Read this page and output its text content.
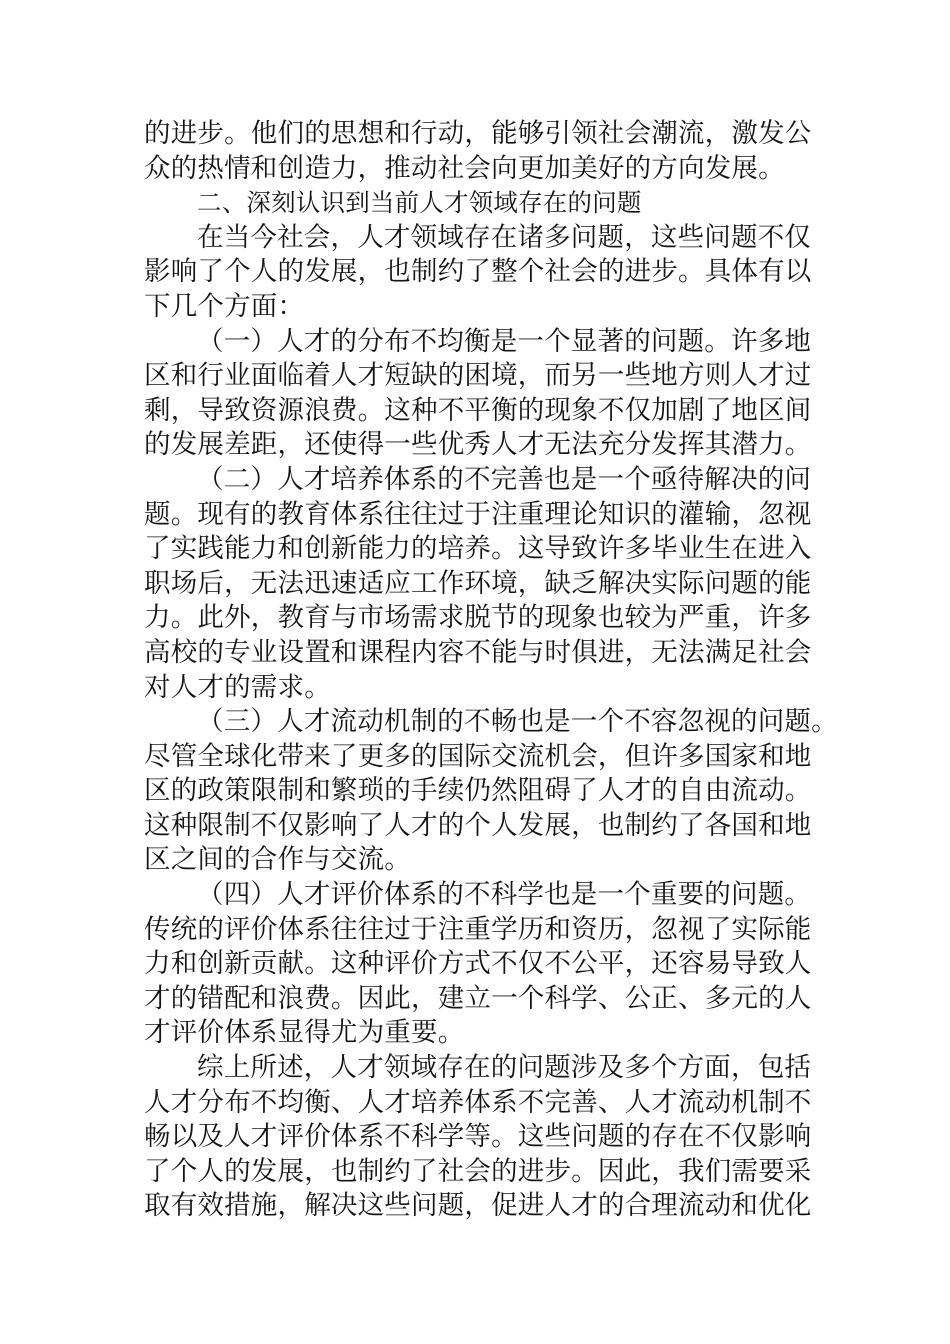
的进步。他们的思想和行动，能够引领社会潮流，激发公
众的热情和创造力，推动社会向更加美好的方向发展。
二、深刻认识到当前人才领域存在的问题
在当今社会，人才领域存在诸多问题，这些问题不仅
影响了个人的发展，也制约了整个社会的进步。具体有以
下几个方面：
（一）人才的分布不均衡是一个显著的问题。许多地
区和行业面临着人才短缺的困境，而另一些地方则人才过
剩，导致资源浪费。这种不平衡的现象不仅加剧了地区间
的发展差距，还使得一些优秀人才无法充分发挥其潜力。
（二）人才培养体系的不完善也是一个亟待解决的问
题。现有的教育体系往往过于注重理论知识的灌输，忽视
了实践能力和创新能力的培养。这导致许多毕业生在进入
职场后，无法迅速适应工作环境，缺乏解决实际问题的能
力。此外，教育与市场需求脱节的现象也较为严重，许多
高校的专业设置和课程内容不能与时俱进，无法满足社会
对人才的需求。
（三）人才流动机制的不畅也是一个不容忽视的问题。
尽管全球化带来了更多的国际交流机会，但许多国家和地
区的政策限制和繁琐的手续仍然阻碍了人才的自由流动。
这种限制不仅影响了人才的个人发展，也制约了各国和地
区之间的合作与交流。
（四）人才评价体系的不科学也是一个重要的问题。
传统的评价体系往往过于注重学历和资历，忽视了实际能
力和创新贡献。这种评价方式不仅不公平，还容易导致人
才的错配和浪费。因此，建立一个科学、公正、多元的人
才评价体系显得尤为重要。
综上所述，人才领域存在的问题涉及多个方面，包括
人才分布不均衡、人才培养体系不完善、人才流动机制不
畅以及人才评价体系不科学等。这些问题的存在不仅影响
了个人的发展，也制约了社会的进步。因此，我们需要采
取有效措施，解决这些问题，促进人才的合理流动和优化
